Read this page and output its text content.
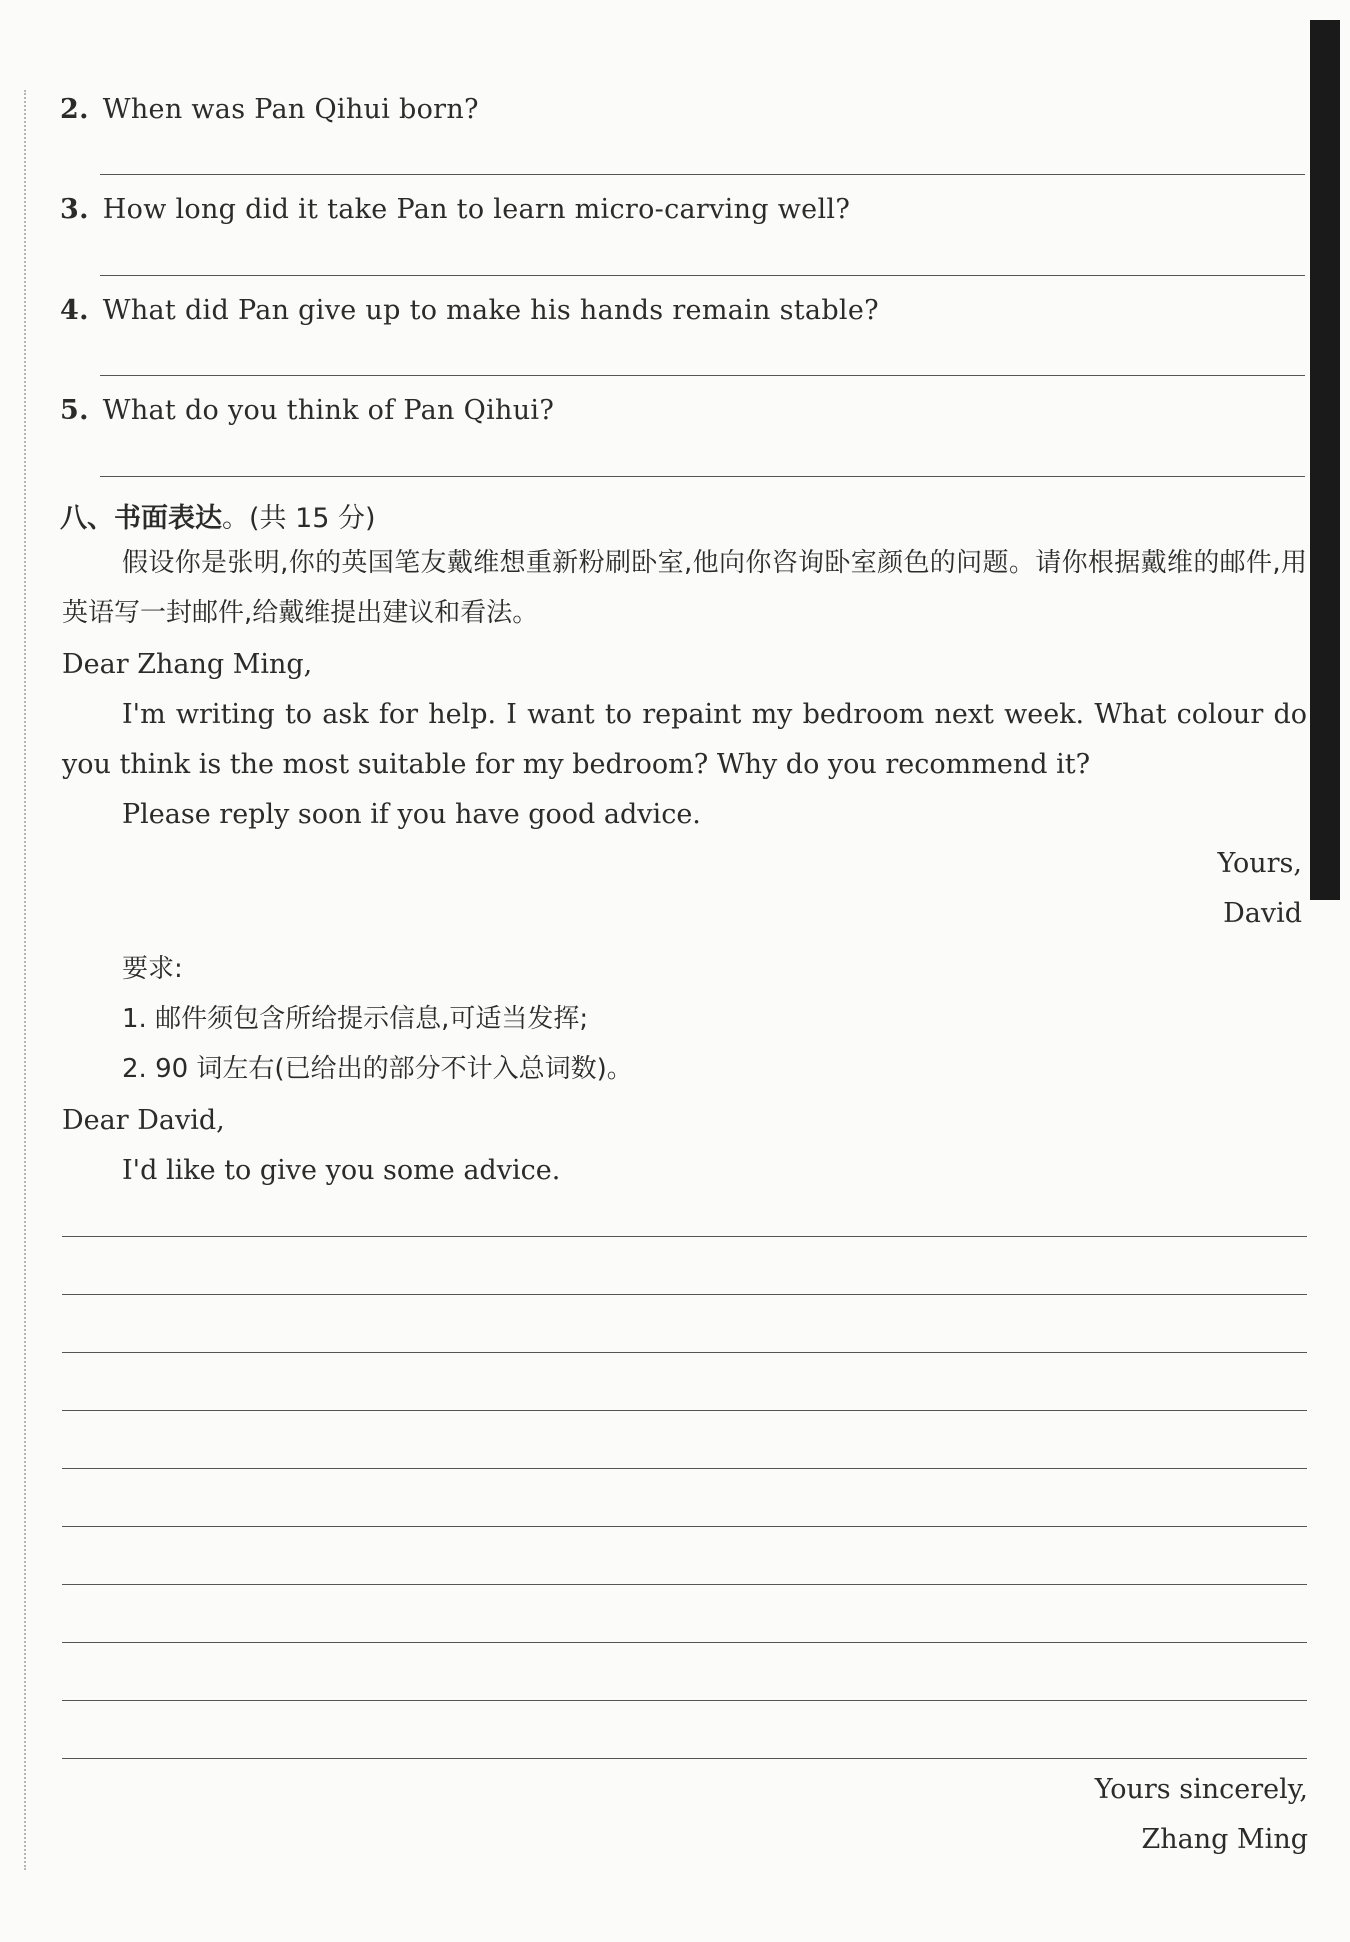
2. When was Pan Qihui born?
3. How long did it take Pan to learn micro-carving well?
4. What did Pan give up to make his hands remain stable?
5. What do you think of Pan Qihui?
八、书面表达。(共 15 分)
假设你是张明,你的英国笔友戴维想重新粉刷卧室,他向你咨询卧室颜色的问题。请你根据戴维的邮件,用英语写一封邮件,给戴维提出建议和看法。
Dear Zhang Ming,
I'm writing to ask for help. I want to repaint my bedroom next week. What colour do you think is the most suitable for my bedroom? Why do you recommend it?
Please reply soon if you have good advice.
Yours,
David
要求:
1. 邮件须包含所给提示信息,可适当发挥;
2. 90 词左右(已给出的部分不计入总词数)。
Dear David,
I'd like to give you some advice.
Yours sincerely,
Zhang Ming
